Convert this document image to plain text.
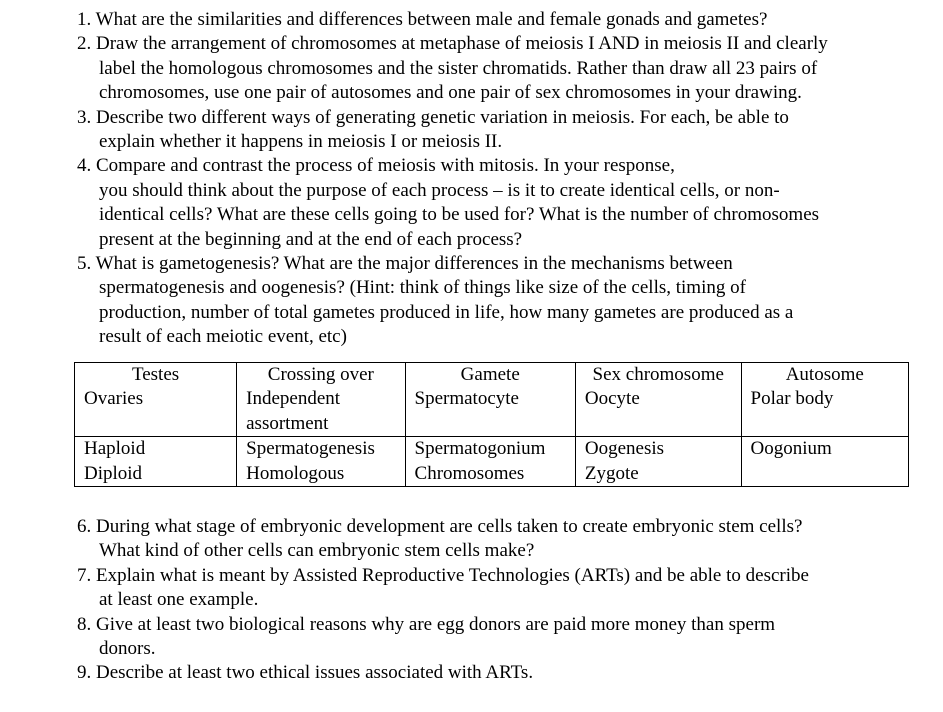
1. What are the similarities and differences between male and female gonads and gametes?
2. Draw the arrangement of chromosomes at metaphase of meiosis I AND in meiosis II and clearly
label the homologous chromosomes and the sister chromatids. Rather than draw all 23 pairs of
chromosomes, use one pair of autosomes and one pair of sex chromosomes in your drawing.
3. Describe two different ways of generating genetic variation in meiosis. For each, be able to
explain whether it happens in meiosis I or meiosis II.
4. Compare and contrast the process of meiosis with mitosis. In your response,
you should think about the purpose of each process – is it to create identical cells, or non-
identical cells? What are these cells going to be used for? What is the number of chromosomes
present at the beginning and at the end of each process?
5. What is gametogenesis? What are the major differences in the mechanisms between
spermatogenesis and oogenesis? (Hint: think of things like size of the cells, timing of
production, number of total gametes produced in life, how many gametes are produced as a
result of each meiotic event, etc)
Testes	Crossing over	Gamete	Sex chromosome	Autosome
Ovaries	Independent assortment	Spermatocyte	Oocyte	Polar body
Haploid	Spermatogenesis	Spermatogonium	Oogenesis	Oogonium
Diploid	Homologous	Chromosomes	Zygote	
6. During what stage of embryonic development are cells taken to create embryonic stem cells?
What kind of other cells can embryonic stem cells make?
7. Explain what is meant by Assisted Reproductive Technologies (ARTs) and be able to describe
at least one example.
8. Give at least two biological reasons why are egg donors are paid more money than sperm
donors.
9. Describe at least two ethical issues associated with ARTs.
